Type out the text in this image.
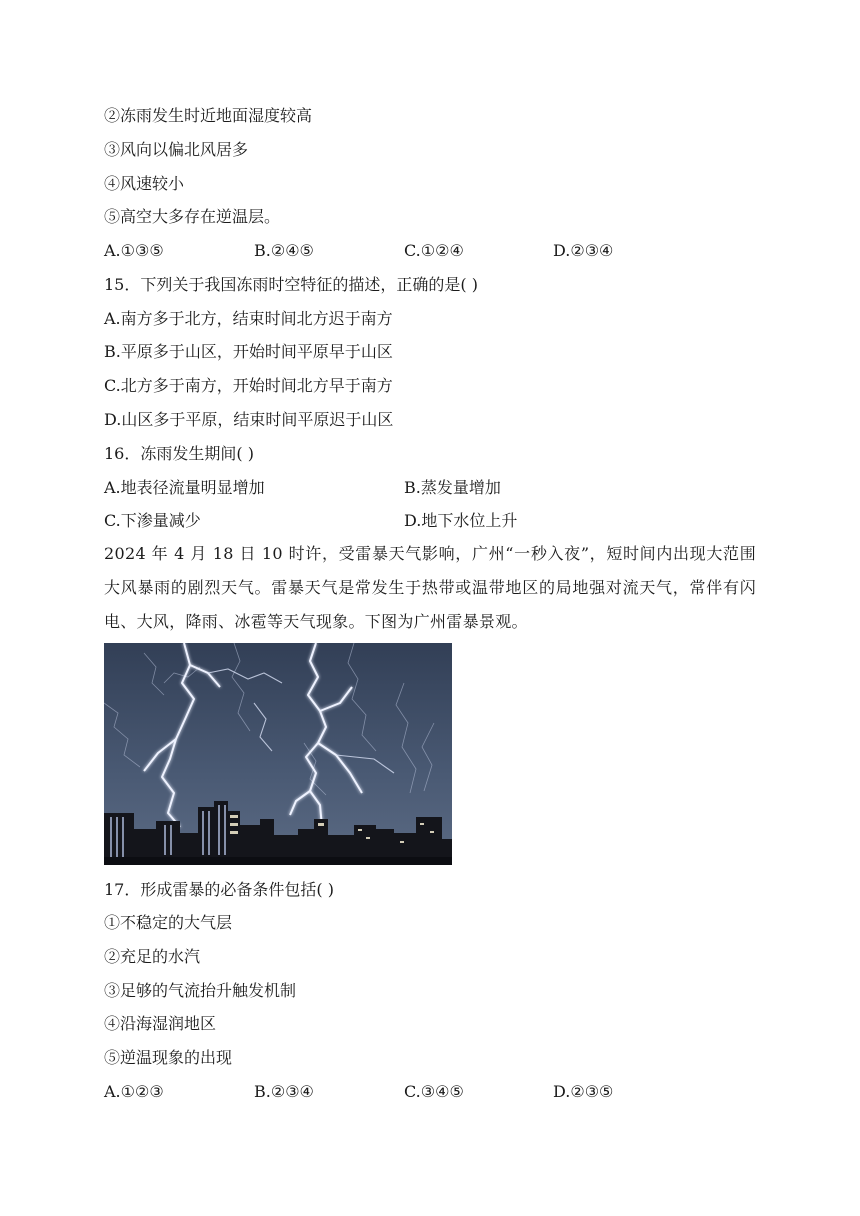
②冻雨发生时近地面湿度较高
③风向以偏北风居多
④风速较小
⑤高空大多存在逆温层。
A.①③⑤	B.②④⑤	C.①②④	D.②③④
15．下列关于我国冻雨时空特征的描述，正确的是( )
A.南方多于北方，结束时间北方迟于南方
B.平原多于山区，开始时间平原早于山区
C.北方多于南方，开始时间北方早于南方
D.山区多于平原，结束时间平原迟于山区
16．冻雨发生期间( )
A.地表径流量明显增加	B.蒸发量增加
C.下渗量减少	D.地下水位上升
2024 年 4 月 18 日 10 时许，受雷暴天气影响，广州“一秒入夜”，短时间内出现大范围大风暴雨的剧烈天气。雷暴天气是常发生于热带或温带地区的局地强对流天气，常伴有闪电、大风，降雨、冰雹等天气现象。下图为广州雷暴景观。
17．形成雷暴的必备条件包括( )
①不稳定的大气层
②充足的水汽
③足够的气流抬升触发机制
④沿海湿润地区
⑤逆温现象的出现
A.①②③	B.②③④	C.③④⑤	D.②③⑤
